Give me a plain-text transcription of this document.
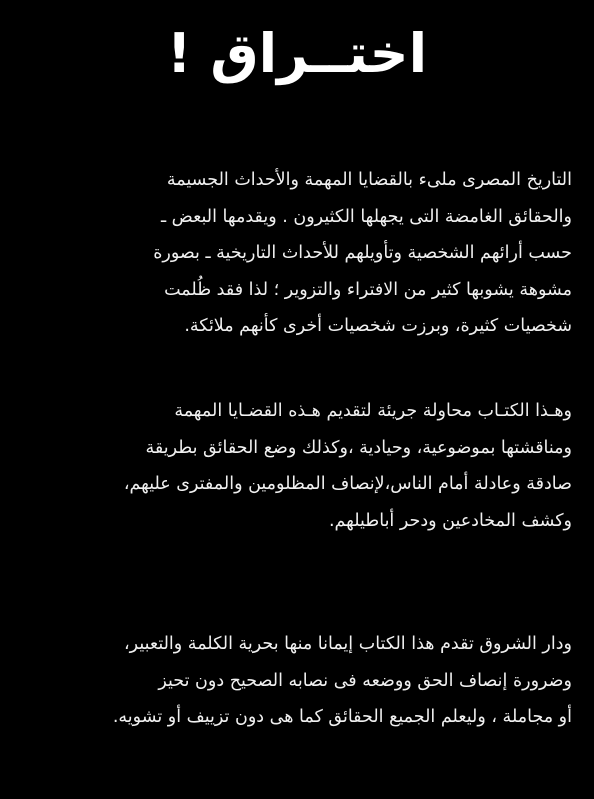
اختــراق !

التاريخ المصرى ملىء بالقضايا المهمة والأحداث الجسيمة
والحقائق الغامضة التى يجهلها الكثيرون . ويقدمها البعض ـ
حسب أرائهم الشخصية وتأويلهم للأحداث التاريخية ـ بصورة
مشوهة يشوبها كثير من الافتراء والتزوير ؛ لذا فقد ظُلمت
شخصيات كثيرة، وبرزت شخصيات أخرى كأنهم ملائكة.

وهـذا الكتـاب محاولة جريئة لتقديم هـذه القضـايا المهمة
ومناقشتها بموضوعية، وحيادية ،وكذلك وضع الحقائق بطريقة
صادقة وعادلة أمام الناس،لإنصاف المظلومين والمفترى عليهم،
وكشف المخادعين ودحر أباطيلهم.

ودار الشروق تقدم هذا الكتاب إيمانا منها بحرية الكلمة والتعبير،
وضرورة إنصاف الحق ووضعه فى نصابه الصحيح دون تحيز
أو مجاملة ، وليعلم الجميع الحقائق كما هى دون تزييف أو تشويه.
